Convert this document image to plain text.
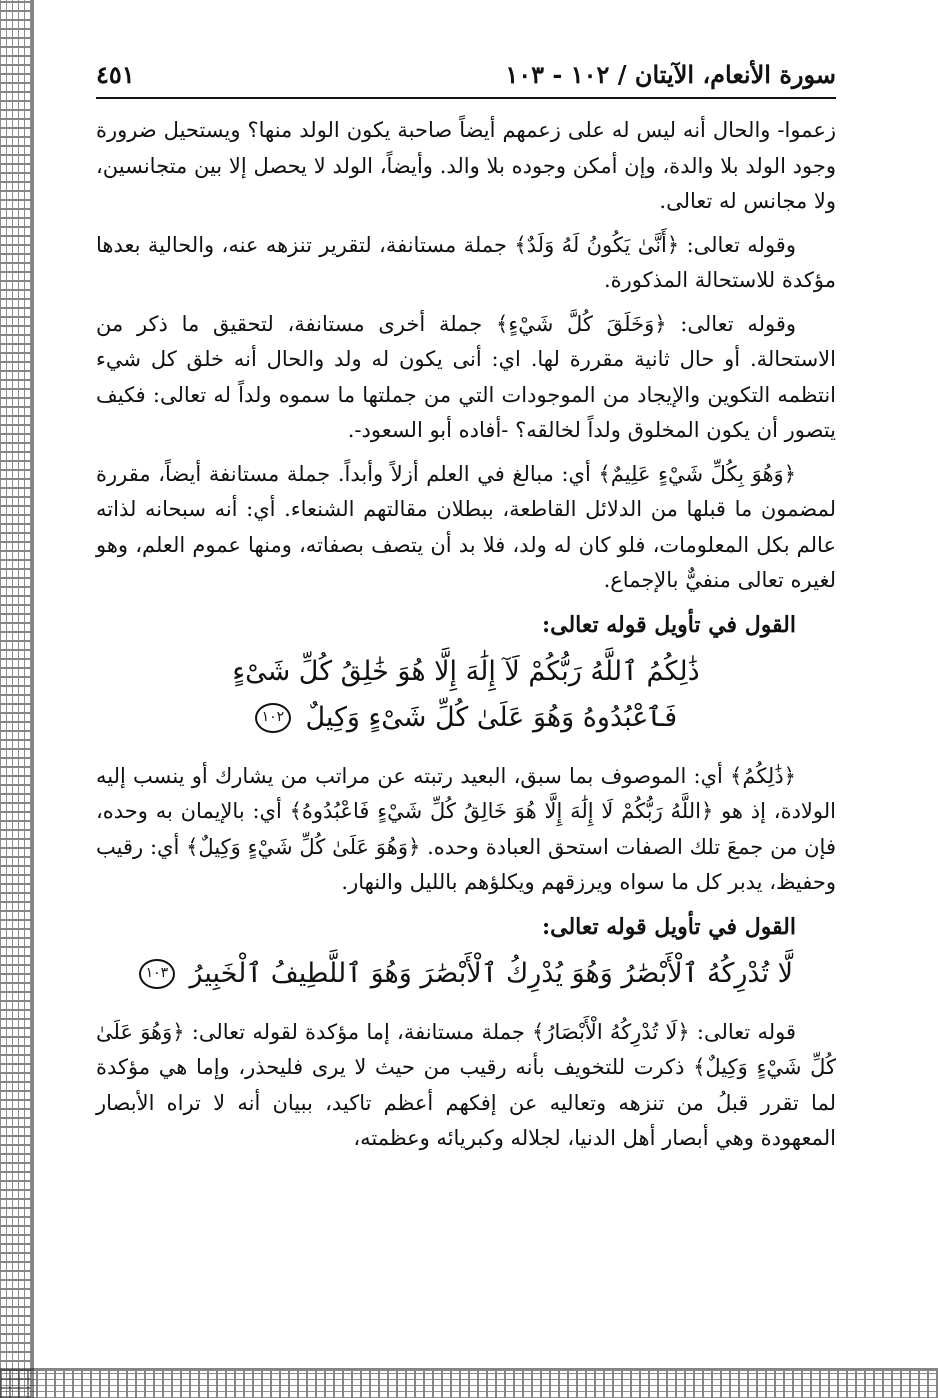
سورة الأنعام، الآيتان / ١٠٢ - ١٠٣
٤٥١

زعموا- والحال أنه ليس له على زعمهم أيضاً صاحبة يكون الولد منها؟ ويستحيل ضرورة وجود الولد بلا والدة، وإن أمكن وجوده بلا والد. وأيضاً، الولد لا يحصل إلا بين متجانسين، ولا مجانس له تعالى.

وقوله تعالى: ﴿أَنَّىٰ يَكُونُ لَهُ وَلَدٌ﴾ جملة مستانفة، لتقرير تنزهه عنه، والحالية بعدها مؤكدة للاستحالة المذكورة.

وقوله تعالى: ﴿وَخَلَقَ كُلَّ شَيْءٍ﴾ جملة أخرى مستانفة، لتحقيق ما ذكر من الاستحالة. أو حال ثانية مقررة لها. اي: أنى يكون له ولد والحال أنه خلق كل شيء انتظمه التكوين والإيجاد من الموجودات التي من جملتها ما سموه ولداً له تعالى: فكيف يتصور أن يكون المخلوق ولداً لخالقه؟ -أفاده أبو السعود-.

﴿وَهُوَ بِكُلِّ شَيْءٍ عَلِيمٌ﴾ أي: مبالغ في العلم أزلاً وأبداً. جملة مستانفة أيضاً، مقررة لمضمون ما قبلها من الدلائل القاطعة، ببطلان مقالتهم الشنعاء. أي: أنه سبحانه لذاته عالم بكل المعلومات، فلو كان له ولد، فلا بد أن يتصف بصفاته، ومنها عموم العلم، وهو لغيره تعالى منفيٌّ بالإجماع.

القول في تأويل قوله تعالى:
ذَٰلِكُمُ ٱللَّهُ رَبُّكُمْ لَآ إِلَٰهَ إِلَّا هُوَ خَٰلِقُ كُلِّ شَىْءٍ
فَٱعْبُدُوهُ وَهُوَ عَلَىٰ كُلِّ شَىْءٍ وَكِيلٌ ١٠٢

﴿ذَٰلِكُمُ﴾ أي: الموصوف بما سبق، البعيد رتبته عن مراتب من يشارك أو ينسب إليه الولادة، إذ هو ﴿اللَّهُ رَبُّكُمْ لَا إِلَٰهَ إِلَّا هُوَ خَالِقُ كُلِّ شَيْءٍ فَاعْبُدُوهُ﴾ أي: بالإيمان به وحده، فإن من جمعَ تلك الصفات استحق العبادة وحده. ﴿وَهُوَ عَلَىٰ كُلِّ شَيْءٍ وَكِيلٌ﴾ أي: رقيب وحفيظ، يدبر كل ما سواه ويرزقهم ويكلؤهم بالليل والنهار.

القول في تأويل قوله تعالى:
لَّا تُدْرِكُهُ ٱلْأَبْصَٰرُ وَهُوَ يُدْرِكُ ٱلْأَبْصَٰرَ وَهُوَ ٱللَّطِيفُ ٱلْخَبِيرُ ١٠٣

قوله تعالى: ﴿لَا تُدْرِكُهُ الْأَبْصَارُ﴾ جملة مستانفة، إما مؤكدة لقوله تعالى: ﴿وَهُوَ عَلَىٰ كُلِّ شَيْءٍ وَكِيلٌ﴾ ذكرت للتخويف بأنه رقيب من حيث لا يرى فليحذر، وإما هي مؤكدة لما تقرر قبلُ من تنزهه وتعاليه عن إفكهم أعظم تاكيد، ببيان أنه لا تراه الأبصار المعهودة وهي أبصار أهل الدنيا، لجلاله وكبريائه وعظمته،
